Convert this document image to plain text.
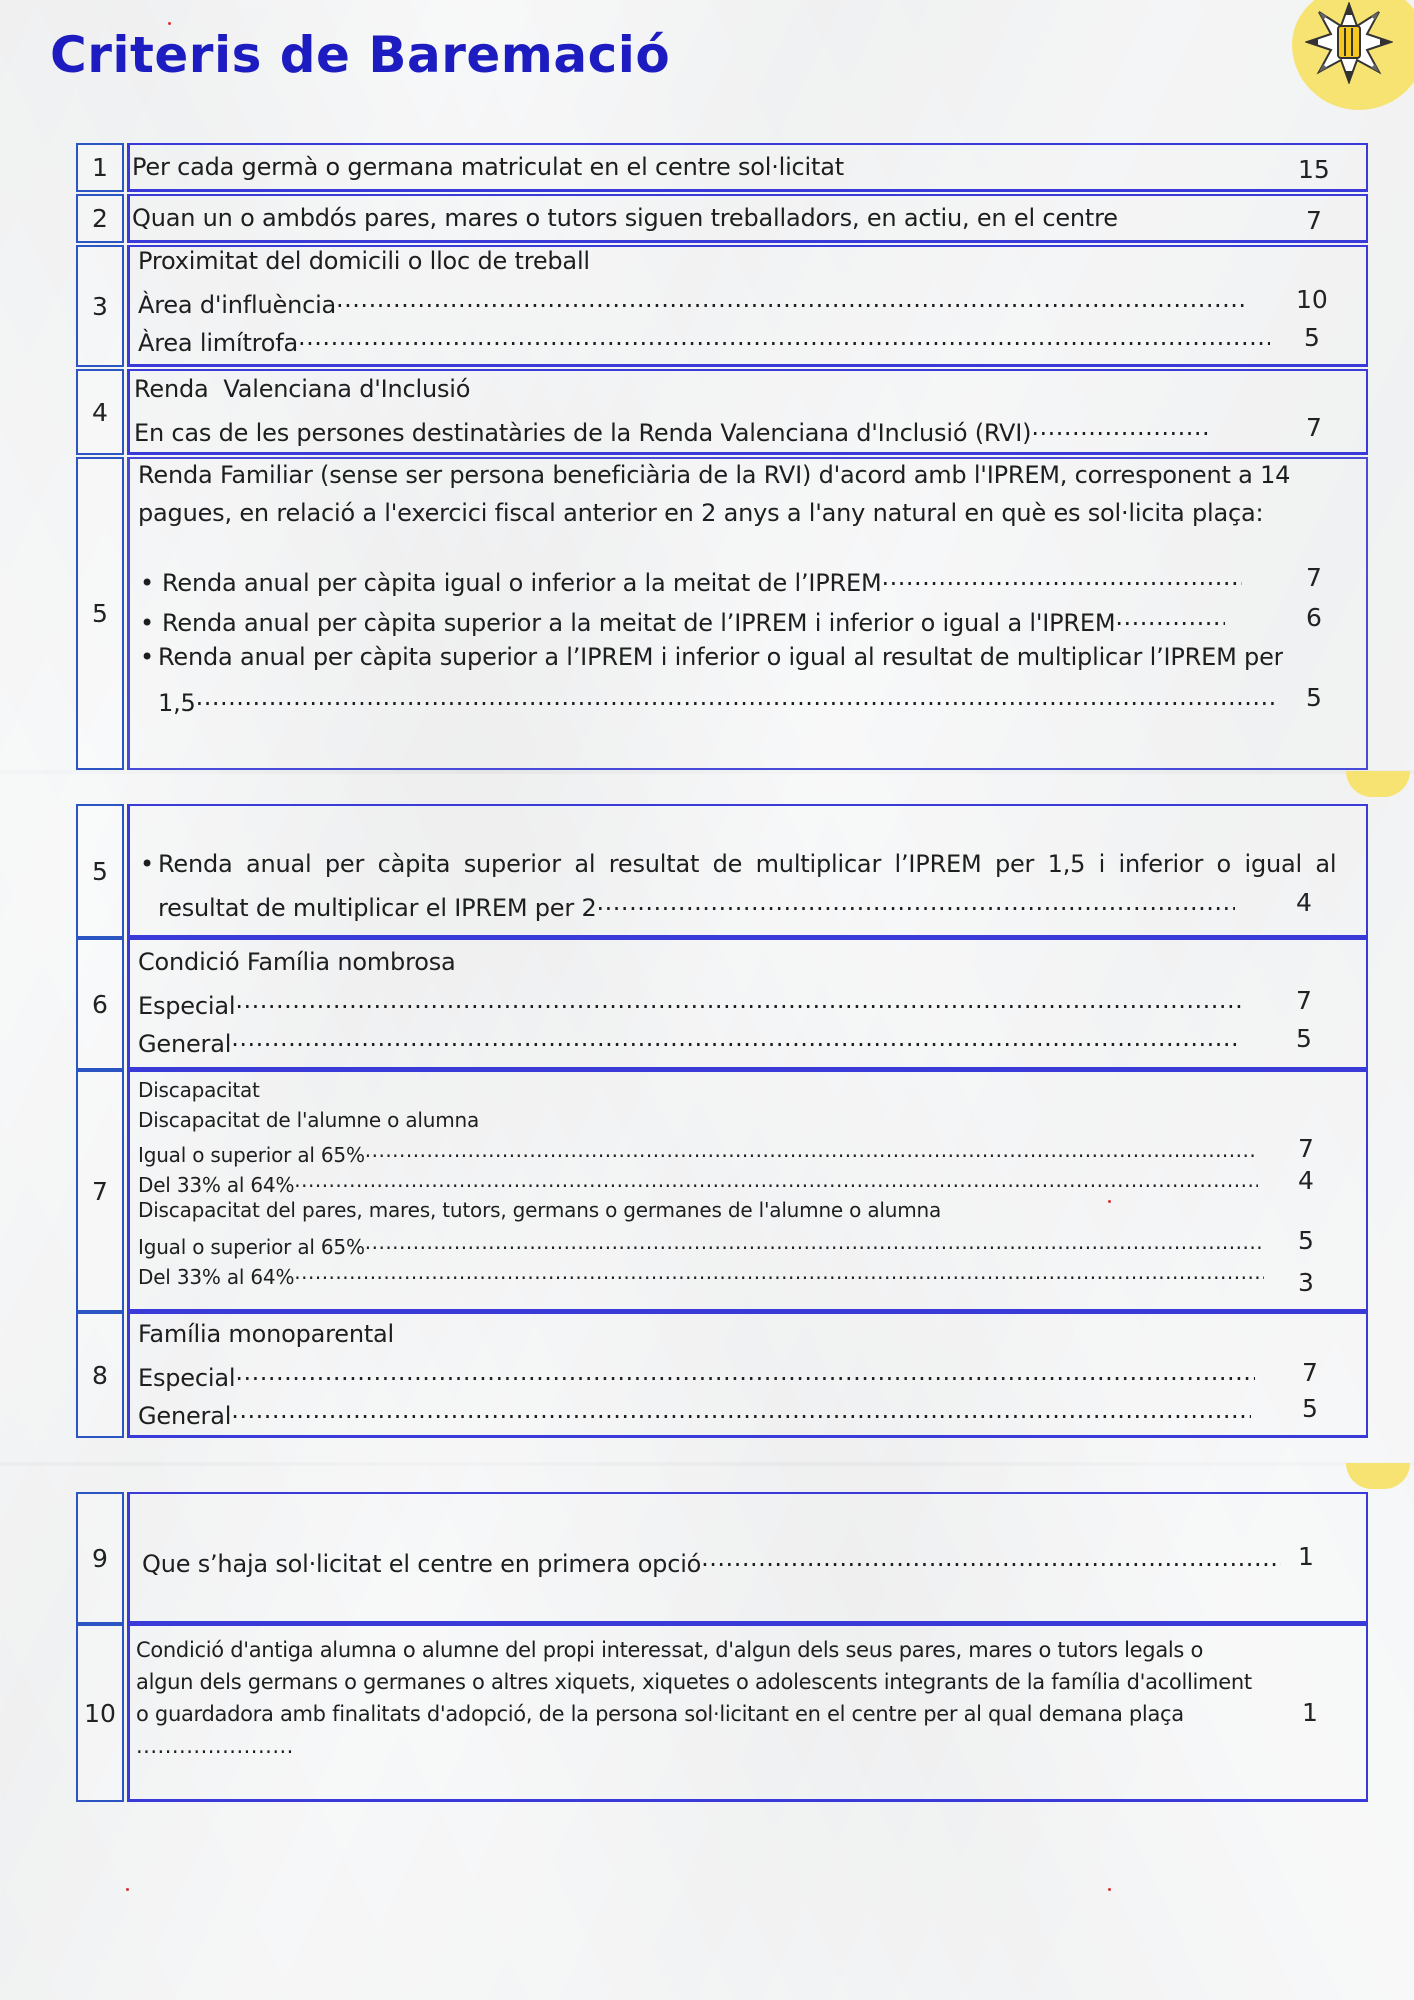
Criteris de Baremació
1	Per cada germà o germana matriculat en el centre sol·licitat	15
2	Quan un o ambdós pares, mares o tutors siguen treballadors, en actiu, en el centre	7
3
Proximitat del domicili o lloc de treball
Àrea d'influència .....	10
Àrea limítrofa .....	5
4
Renda  Valenciana d'Inclusió
En cas de les persones destinatàries de la Renda Valenciana d'Inclusió (RVI) .....	7
5
Renda Familiar (sense ser persona beneficiària de la RVI) d'acord amb l'IPREM, corresponent a 14
pagues, en relació a l'exercici fiscal anterior en 2 anys a l'any natural en què es sol·licita plaça:
• Renda anual per càpita igual o inferior a la meitat de l’IPREM .....	7
• Renda anual per càpita superior a la meitat de l’IPREM i inferior o igual a l'IPREM .....	6
• Renda anual per càpita superior a l’IPREM i inferior o igual al resultat de multiplicar l’IPREM per
1,5 .....	5
5	• Renda anual per càpita superior al resultat de multiplicar l’IPREM per 1,5 i inferior o igual al
resultat de multiplicar el IPREM per 2 .....	4
6
Condició Família nombrosa
Especial .....	7
General .....	5
7
Discapacitat
Discapacitat de l'alumne o alumna
Igual o superior al 65% .....	7
Del 33% al 64% .....	4
Discapacitat del pares, mares, tutors, germans o germanes de l'alumne o alumna
Igual o superior al 65% .....	5
Del 33% al 64% .....	3
8
Família monoparental
Especial .....	7
General .....	5
9	Que s’haja sol·licitat el centre en primera opció .....	1
10
Condició d'antiga alumna o alumne del propi interessat, d'algun dels seus pares, mares o tutors legals o algun dels germans o germanes o altres xiquets, xiquetes o adolescents integrants de la família d'acolliment o guardadora amb finalitats d'adopció, de la persona sol·licitant en el centre per al qual demana plaça.....	1
